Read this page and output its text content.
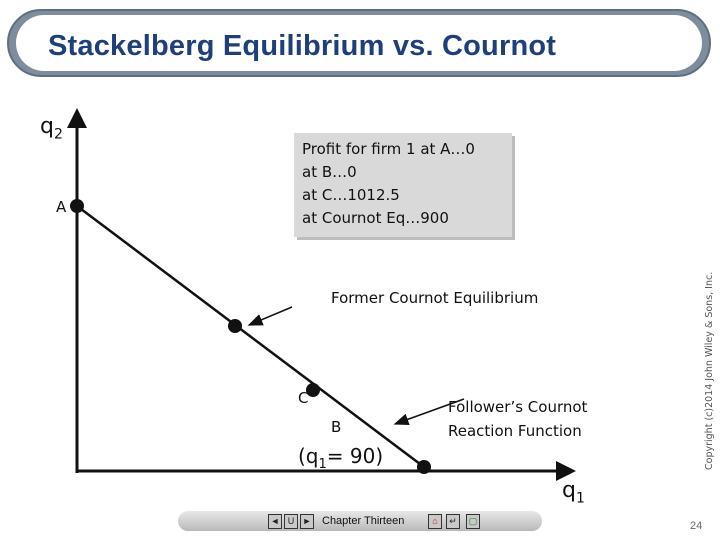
Stackelberg Equilibrium vs. Cournot
$q_2$
$q_1$
A
C
B
Former Cournot Equilibrium
Follower’s Cournot
Reaction Function
$(q_1= 90)$
Profit for firm 1 at A…0
at B…0
at C…1012.5
at Cournot Eq…900
Copyright (c)2014 John Wiley & Sons, Inc.
◄ U ► Chapter Thirteen	⌂	↵	▢	24
